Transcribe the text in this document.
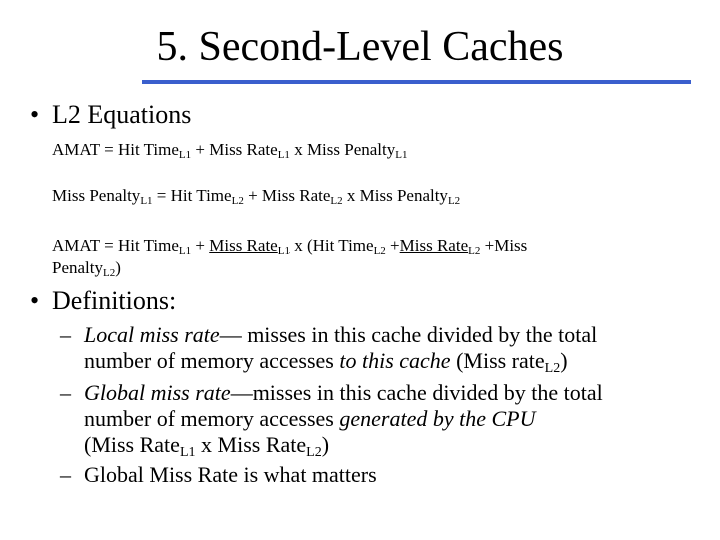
5. Second-Level Caches
• L2 Equations
AMAT = Hit Time$_{L1}$ + Miss Rate$_{L1}$ x Miss Penalty$_{L1}$
Miss Penalty$_{L1}$ = Hit Time$_{L2}$ + Miss Rate$_{L2}$ x Miss Penalty$_{L2}$
AMAT = Hit Time$_{L1}$ + Miss Rate$_{L1}$ x (Hit Time$_{L2}$ +Miss Rate$_{L2}$ +Miss
Penalty$_{L2}$)
• Definitions:
– Local miss rate— misses in this cache divided by the total
number of memory accesses to this cache (Miss rate$_{L2}$)
– Global miss rate—misses in this cache divided by the total
number of memory accesses generated by the CPU
(Miss Rate$_{L1}$ x Miss Rate$_{L2}$)
– Global Miss Rate is what matters
